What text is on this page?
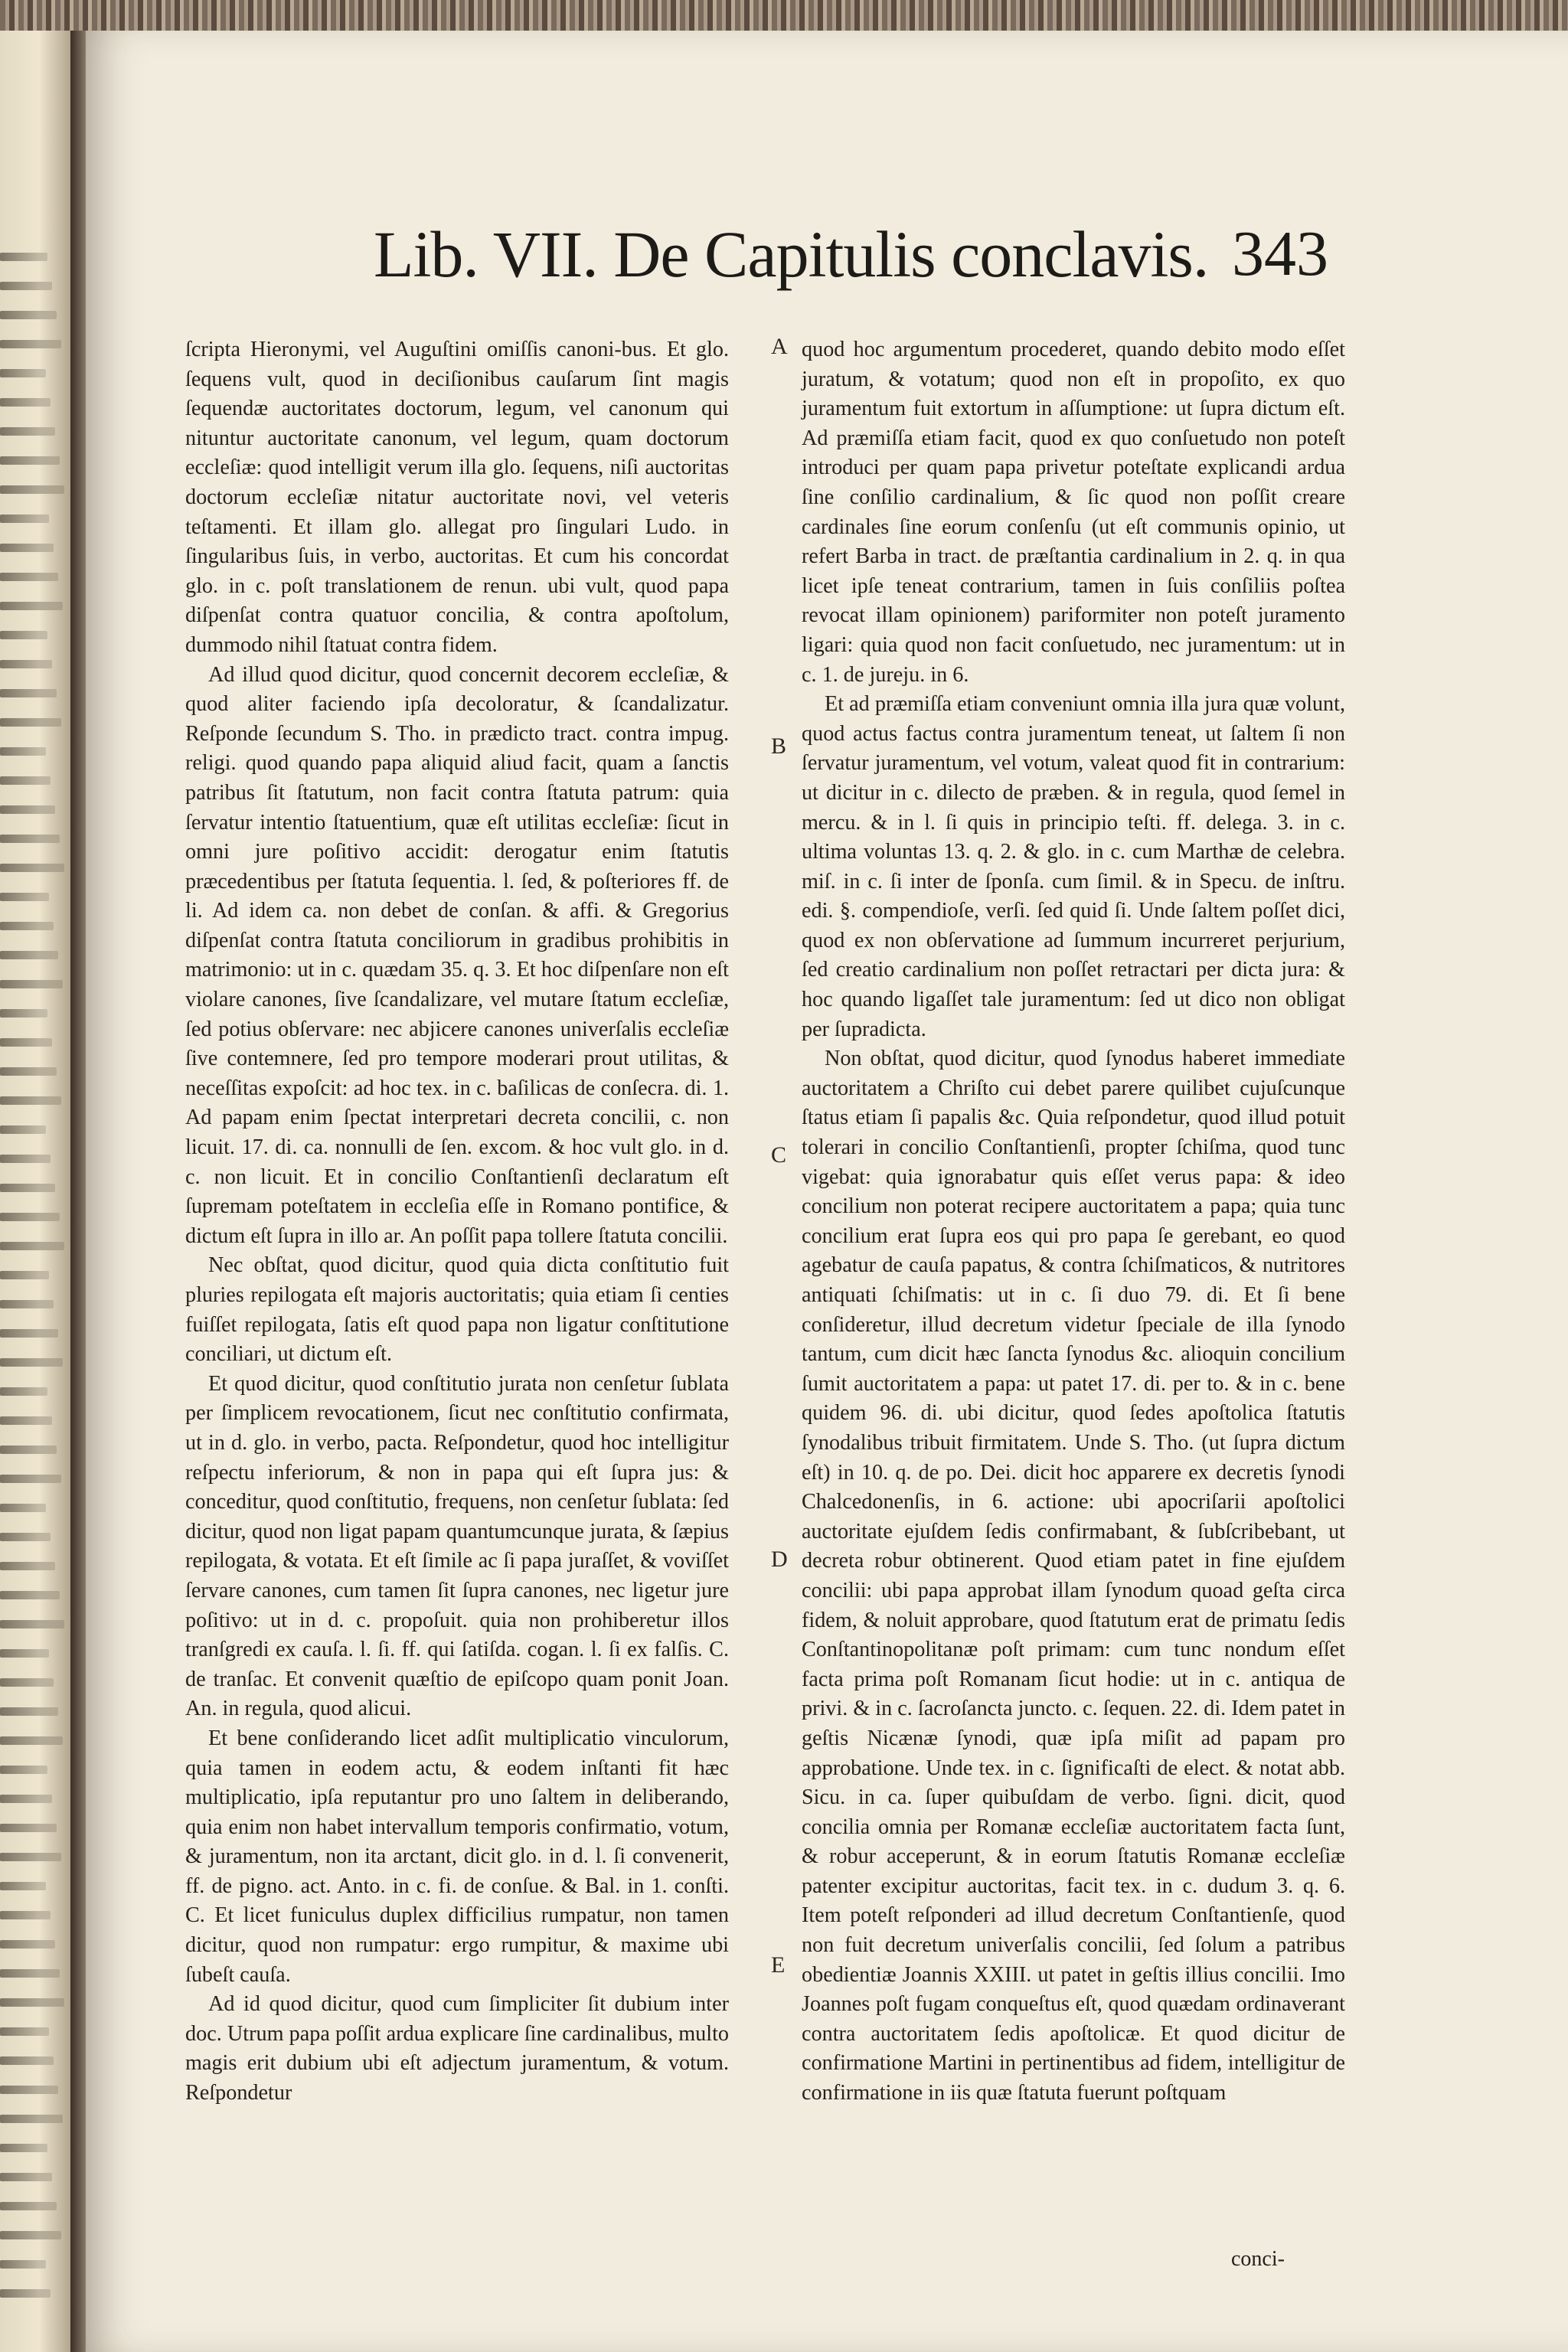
Lib. VII. De Capitulis conclavis. 343

ſcripta Hieronymi, vel Auguſtini omiſſis canoni-bus. Et glo. ſequens vult, quod in deciſionibus cauſarum ſint magis ſequendæ auctoritates doctorum, legum, vel canonum qui nituntur auctoritate canonum, vel legum, quam doctorum eccleſiæ: quod intelligit verum illa glo. ſequens, niſi auctoritas doctorum eccleſiæ nitatur auctoritate novi, vel veteris teſtamenti. Et illam glo. allegat pro ſingulari Ludo. in ſingularibus ſuis, in verbo, auctoritas. Et cum his concordat glo. in c. poſt translationem de renun. ubi vult, quod papa diſpenſat contra quatuor concilia, & contra apoſtolum, dummodo nihil ſtatuat contra fidem.

Ad illud quod dicitur, quod concernit decorem eccleſiæ, & quod aliter faciendo ipſa decoloratur, & ſcandalizatur. Reſponde ſecundum S. Tho. in prædicto tract. contra impug. religi. quod quando papa aliquid aliud facit, quam a ſanctis patribus ſit ſtatutum, non facit contra ſtatuta patrum: quia ſervatur intentio ſtatuentium, quæ eſt utilitas eccleſiæ: ſicut in omni jure poſitivo accidit: derogatur enim ſtatutis præcedentibus per ſtatuta ſequentia. l. ſed, & poſteriores ff. de li. Ad idem ca. non debet de conſan. & affi. & Gregorius diſpenſat contra ſtatuta conciliorum in gradibus prohibitis in matrimonio: ut in c. quædam 35. q. 3. Et hoc diſpenſare non eſt violare canones, ſive ſcandalizare, vel mutare ſtatum eccleſiæ, ſed potius obſervare: nec abjicere canones univerſalis eccleſiæ ſive contemnere, ſed pro tempore moderari prout utilitas, & neceſſitas expoſcit: ad hoc tex. in c. baſilicas de conſecra. di. 1. Ad papam enim ſpectat interpretari decreta concilii, c. non licuit. 17. di. ca. nonnulli de ſen. excom. & hoc vult glo. in d. c. non licuit. Et in concilio Conſtantienſi declaratum eſt ſupremam poteſtatem in eccleſia eſſe in Romano pontifice, & dictum eſt ſupra in illo ar. An poſſit papa tollere ſtatuta concilii.

Nec obſtat, quod dicitur, quod quia dicta conſtitutio fuit pluries repilogata eſt majoris auctoritatis; quia etiam ſi centies fuiſſet repilogata, ſatis eſt quod papa non ligatur conſtitutione conciliari, ut dictum eſt.

Et quod dicitur, quod conſtitutio jurata non cenſetur ſublata per ſimplicem revocationem, ſicut nec conſtitutio confirmata, ut in d. glo. in verbo, pacta. Reſpondetur, quod hoc intelligitur reſpectu inferiorum, & non in papa qui eſt ſupra jus: & conceditur, quod conſtitutio, frequens, non cenſetur ſublata: ſed dicitur, quod non ligat papam quantumcunque jurata, & ſæpius repilogata, & votata. Et eſt ſimile ac ſi papa juraſſet, & voviſſet ſervare canones, cum tamen ſit ſupra canones, nec ligetur jure poſitivo: ut in d. c. propoſuit. quia non prohiberetur illos tranſgredi ex cauſa. l. ſi. ff. qui ſatiſda. cogan. l. ſi ex falſis. C. de tranſac. Et convenit quæſtio de epiſcopo quam ponit Joan. An. in regula, quod alicui.

Et bene conſiderando licet adſit multiplicatio vinculorum, quia tamen in eodem actu, & eodem inſtanti fit hæc multiplicatio, ipſa reputantur pro uno ſaltem in deliberando, quia enim non habet intervallum temporis confirmatio, votum, & juramentum, non ita arctant, dicit glo. in d. l. ſi convenerit, ff. de pigno. act. Anto. in c. fi. de conſue. & Bal. in 1. conſti. C. Et licet funiculus duplex difficilius rumpatur, non tamen dicitur, quod non rumpatur: ergo rumpitur, & maxime ubi ſubeſt cauſa.

Ad id quod dicitur, quod cum ſimpliciter ſit dubium inter doc. Utrum papa poſſit ardua explicare ſine cardinalibus, multo magis erit dubium ubi eſt adjectum juramentum, & votum. Reſpondetur

A
B
C
D
E

quod hoc argumentum procederet, quando debito modo eſſet juratum, & votatum; quod non eſt in propoſito, ex quo juramentum fuit extortum in aſſumptione: ut ſupra dictum eſt. Ad præmiſſa etiam facit, quod ex quo conſuetudo non poteſt introduci per quam papa privetur poteſtate explicandi ardua ſine conſilio cardinalium, & ſic quod non poſſit creare cardinales ſine eorum conſenſu (ut eſt communis opinio, ut refert Barba in tract. de præſtantia cardinalium in 2. q. in qua licet ipſe teneat contrarium, tamen in ſuis conſiliis poſtea revocat illam opinionem) pariformiter non poteſt juramento ligari: quia quod non facit conſuetudo, nec juramentum: ut in c. 1. de jureju. in 6.

Et ad præmiſſa etiam conveniunt omnia illa jura quæ volunt, quod actus factus contra juramentum teneat, ut ſaltem ſi non ſervatur juramentum, vel votum, valeat quod fit in contrarium: ut dicitur in c. dilecto de præben. & in regula, quod ſemel in mercu. & in l. ſi quis in principio teſti. ff. delega. 3. in c. ultima voluntas 13. q. 2. & glo. in c. cum Marthæ de celebra. miſ. in c. ſi inter de ſponſa. cum ſimil. & in Specu. de inſtru. edi. §. compendioſe, verſi. ſed quid ſi. Unde ſaltem poſſet dici, quod ex non obſervatione ad ſummum incurreret perjurium, ſed creatio cardinalium non poſſet retractari per dicta jura: & hoc quando ligaſſet tale juramentum: ſed ut dico non obligat per ſupradicta.

Non obſtat, quod dicitur, quod ſynodus haberet immediate auctoritatem a Chriſto cui debet parere quilibet cujuſcunque ſtatus etiam ſi papalis &c. Quia reſpondetur, quod illud potuit tolerari in concilio Conſtantienſi, propter ſchiſma, quod tunc vigebat: quia ignorabatur quis eſſet verus papa: & ideo concilium non poterat recipere auctoritatem a papa; quia tunc concilium erat ſupra eos qui pro papa ſe gerebant, eo quod agebatur de cauſa papatus, & contra ſchiſmaticos, & nutritores antiquati ſchiſmatis: ut in c. ſi duo 79. di. Et ſi bene conſideretur, illud decretum videtur ſpeciale de illa ſynodo tantum, cum dicit hæc ſancta ſynodus &c. alioquin concilium ſumit auctoritatem a papa: ut patet 17. di. per to. & in c. bene quidem 96. di. ubi dicitur, quod ſedes apoſtolica ſtatutis ſynodalibus tribuit firmitatem. Unde S. Tho. (ut ſupra dictum eſt) in 10. q. de po. Dei. dicit hoc apparere ex decretis ſynodi Chalcedonenſis, in 6. actione: ubi apocriſarii apoſtolici auctoritate ejuſdem ſedis confirmabant, & ſubſcribebant, ut decreta robur obtinerent. Quod etiam patet in fine ejuſdem concilii: ubi papa approbat illam ſynodum quoad geſta circa fidem, & noluit approbare, quod ſtatutum erat de primatu ſedis Conſtantinopolitanæ poſt primam: cum tunc nondum eſſet facta prima poſt Romanam ſicut hodie: ut in c. antiqua de privi. & in c. ſacroſancta juncto. c. ſequen. 22. di. Idem patet in geſtis Nicænæ ſynodi, quæ ipſa miſit ad papam pro approbatione. Unde tex. in c. ſignificaſti de elect. & notat abb. Sicu. in ca. ſuper quibuſdam de verbo. ſigni. dicit, quod concilia omnia per Romanæ eccleſiæ auctoritatem facta ſunt, & robur acceperunt, & in eorum ſtatutis Romanæ eccleſiæ patenter excipitur auctoritas, facit tex. in c. dudum 3. q. 6. Item poteſt reſponderi ad illud decretum Conſtantienſe, quod non fuit decretum univerſalis concilii, ſed ſolum a patribus obedientiæ Joannis XXIII. ut patet in geſtis illius concilii. Imo Joannes poſt fugam conqueſtus eſt, quod quædam ordinaverant contra auctoritatem ſedis apoſtolicæ. Et quod dicitur de confirmatione Martini in pertinentibus ad fidem, intelligitur de confirmatione in iis quæ ſtatuta fuerunt poſtquam

conci-
